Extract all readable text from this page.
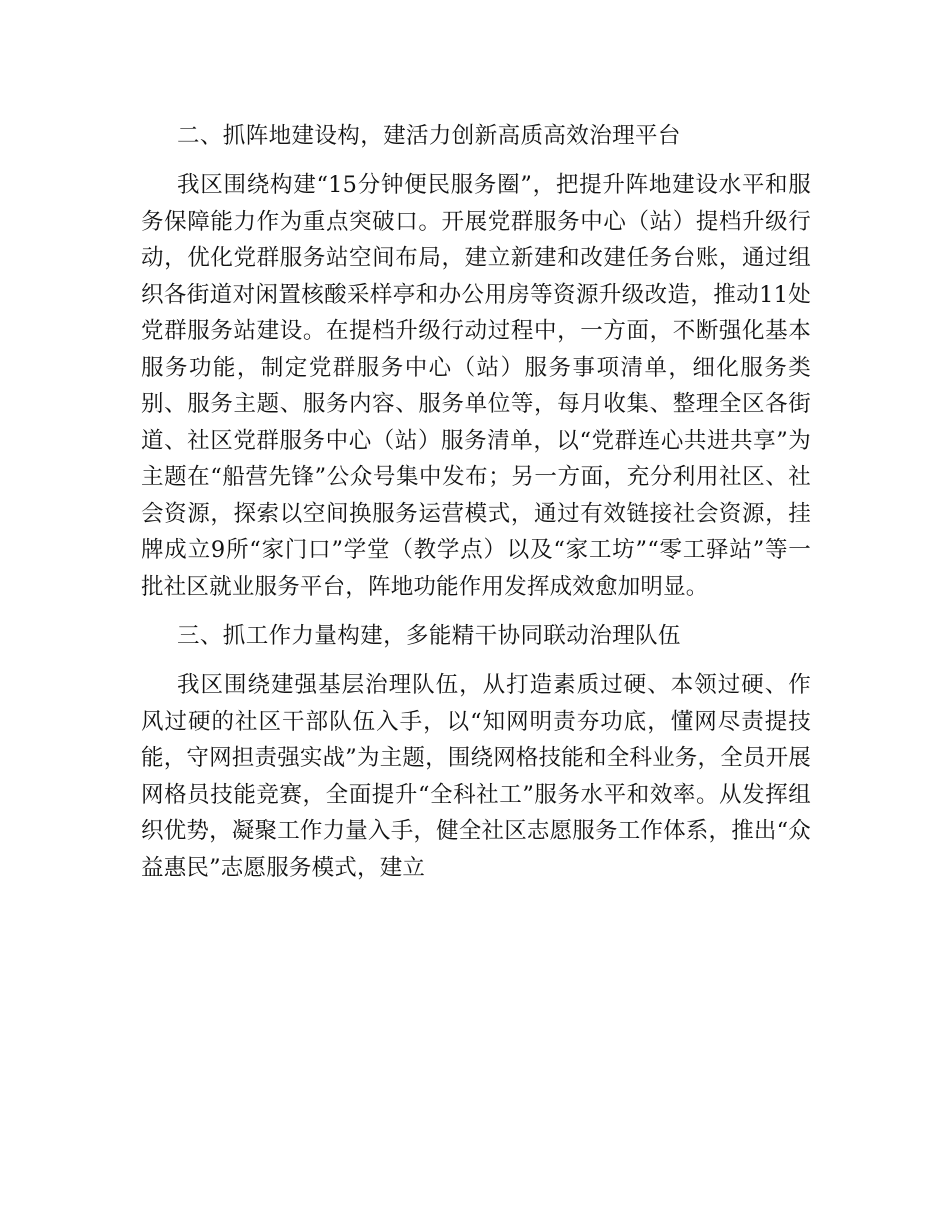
二、抓阵地建设构，建活力创新高质高效治理平台

我区围绕构建“15分钟便民服务圈”，把提升阵地建设水平和服务保障能力作为重点突破口。开展党群服务中心（站）提档升级行动，优化党群服务站空间布局，建立新建和改建任务台账，通过组织各街道对闲置核酸采样亭和办公用房等资源升级改造，推动11处党群服务站建设。在提档升级行动过程中，一方面，不断强化基本服务功能，制定党群服务中心（站）服务事项清单，细化服务类别、服务主题、服务内容、服务单位等，每月收集、整理全区各街道、社区党群服务中心（站）服务清单，以“党群连心共进共享”为主题在“船营先锋”公众号集中发布；另一方面，充分利用社区、社会资源，探索以空间换服务运营模式，通过有效链接社会资源，挂牌成立9所“家门口”学堂（教学点）以及“家工坊”“零工驿站”等一批社区就业服务平台，阵地功能作用发挥成效愈加明显。

三、抓工作力量构建，多能精干协同联动治理队伍

我区围绕建强基层治理队伍，从打造素质过硬、本领过硬、作风过硬的社区干部队伍入手，以“知网明责夯功底，懂网尽责提技能，守网担责强实战”为主题，围绕网格技能和全科业务，全员开展网格员技能竞赛，全面提升“全科社工”服务水平和效率。从发挥组织优势，凝聚工作力量入手，健全社区志愿服务工作体系，推出“众益惠民”志愿服务模式，建立
